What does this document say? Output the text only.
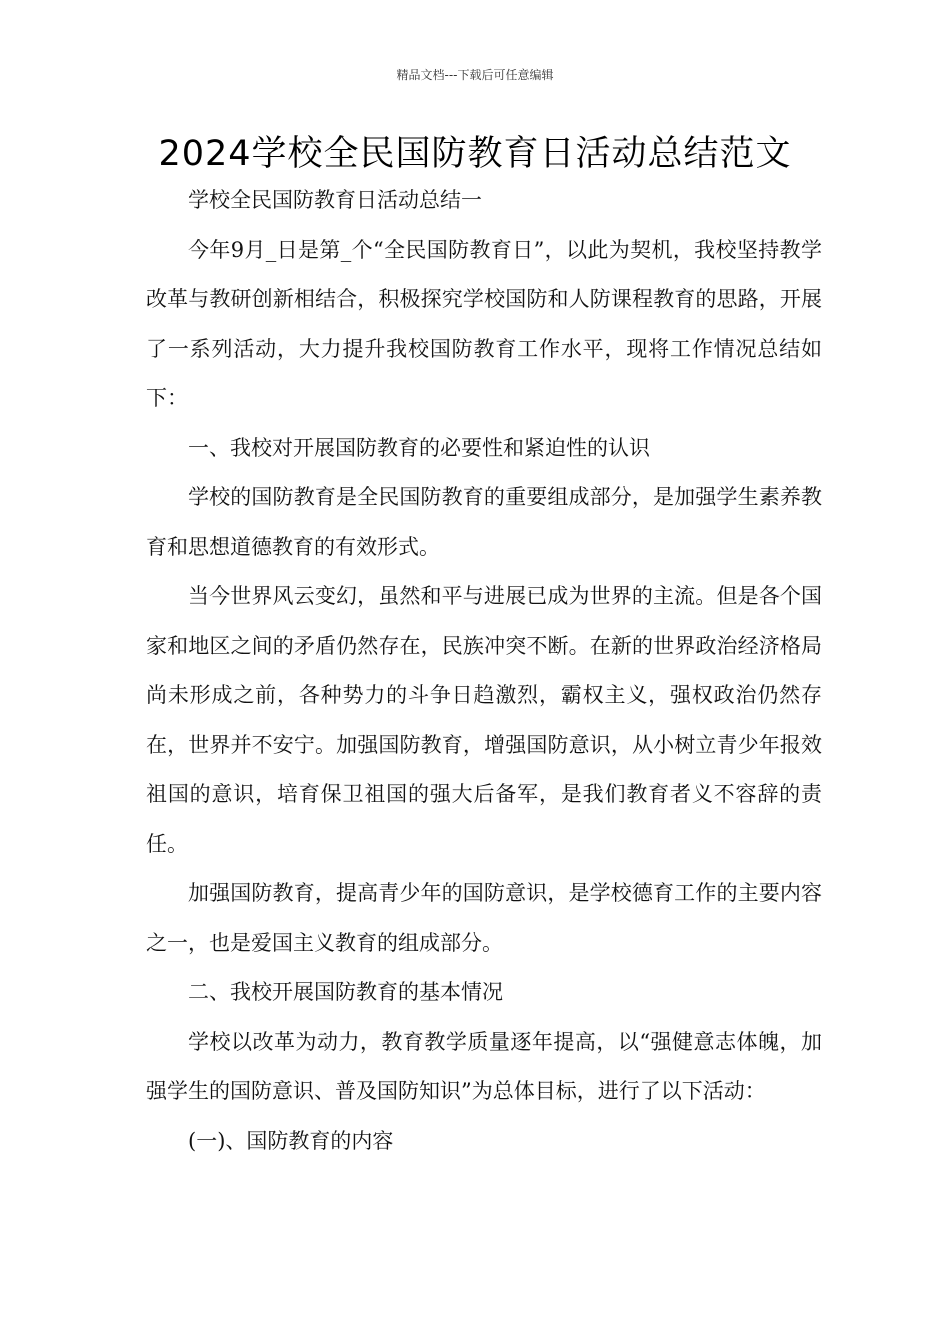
精品文档---下载后可任意编辑
2024学校全民国防教育日活动总结范文

学校全民国防教育日活动总结一

今年9月_日是第_个“全民国防教育日”，以此为契机，我校坚持教学改革与教研创新相结合，积极探究学校国防和人防课程教育的思路，开展了一系列活动，大力提升我校国防教育工作水平，现将工作情况总结如下：

一、我校对开展国防教育的必要性和紧迫性的认识

学校的国防教育是全民国防教育的重要组成部分，是加强学生素养教育和思想道德教育的有效形式。

当今世界风云变幻，虽然和平与进展已成为世界的主流。但是各个国家和地区之间的矛盾仍然存在，民族冲突不断。在新的世界政治经济格局尚未形成之前，各种势力的斗争日趋激烈，霸权主义，强权政治仍然存在，世界并不安宁。加强国防教育，增强国防意识，从小树立青少年报效祖国的意识，培育保卫祖国的强大后备军，是我们教育者义不容辞的责任。

加强国防教育，提高青少年的国防意识，是学校德育工作的主要内容之一，也是爱国主义教育的组成部分。

二、我校开展国防教育的基本情况

学校以改革为动力，教育教学质量逐年提高，以“强健意志体魄，加强学生的国防意识、普及国防知识”为总体目标，进行了以下活动：

(一)、国防教育的内容
